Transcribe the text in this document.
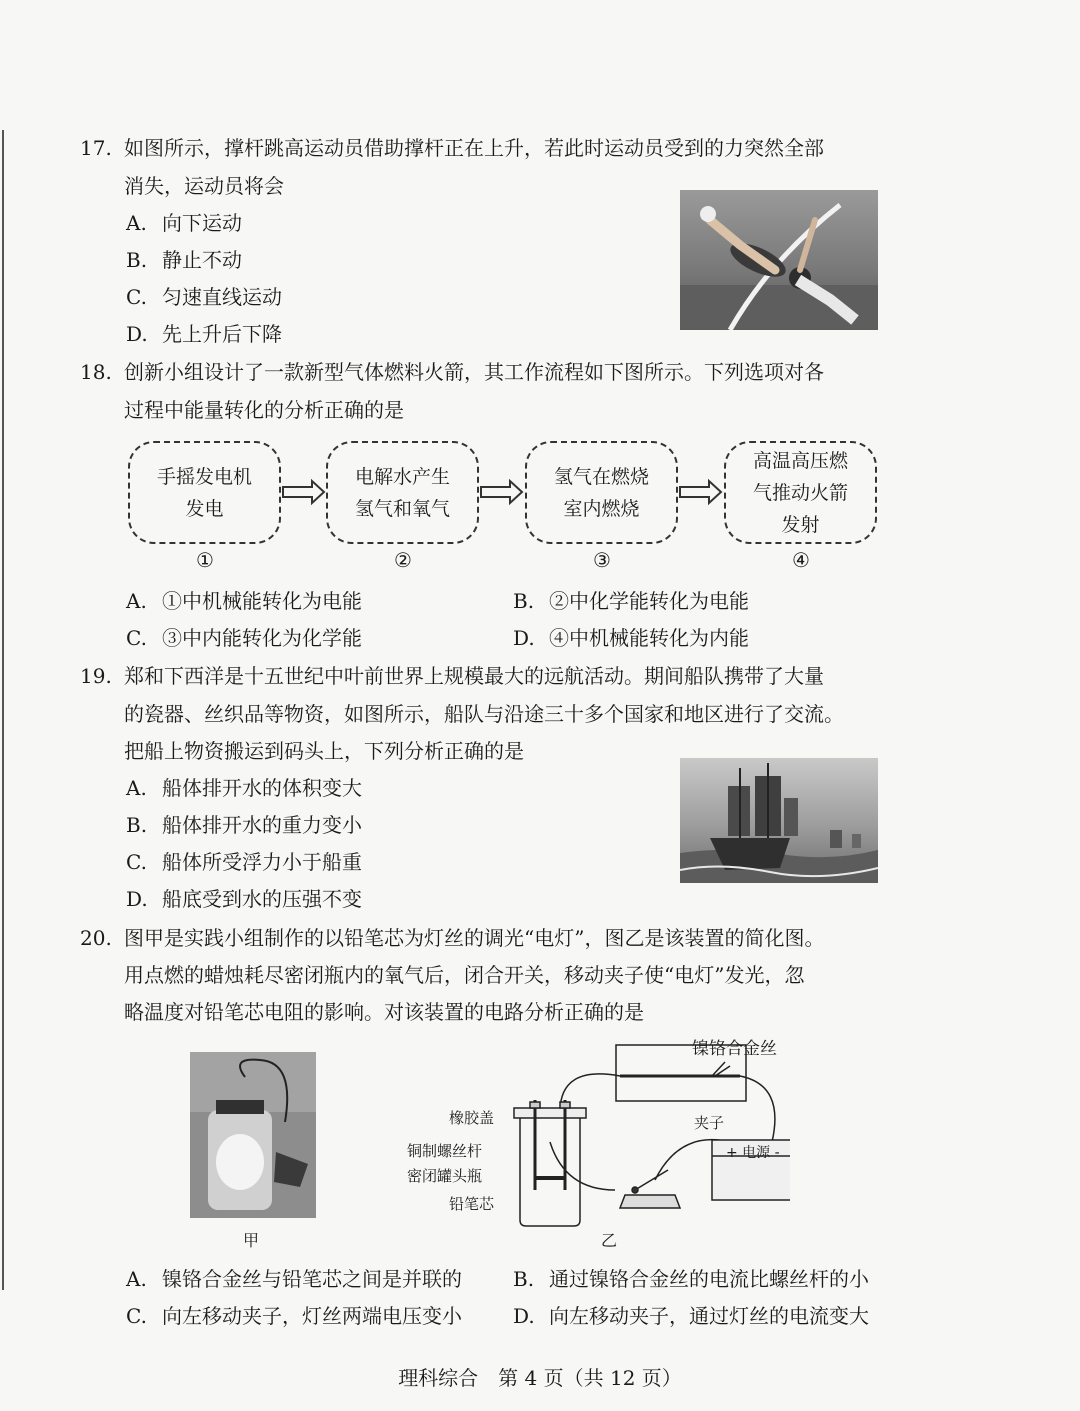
17. 如图所示，撑杆跳高运动员借助撑杆正在上升，若此时运动员受到的力突然全部
消失，运动员将会
A. 向下运动
B. 静止不动
C. 匀速直线运动
D. 先上升后下降
18. 创新小组设计了一款新型气体燃料火箭，其工作流程如下图所示。下列选项对各
过程中能量转化的分析正确的是
手摇发电机
发电
电解水产生
氢气和氧气
氢气在燃烧
室内燃烧
高温高压燃
气推动火箭
发射
①	②	③	④
A. ①中机械能转化为电能	B. ②中化学能转化为电能
C. ③中内能转化为化学能	D. ④中机械能转化为内能
19. 郑和下西洋是十五世纪中叶前世界上规模最大的远航活动。期间船队携带了大量
的瓷器、丝织品等物资，如图所示，船队与沿途三十多个国家和地区进行了交流。
把船上物资搬运到码头上，下列分析正确的是
A. 船体排开水的体积变大
B. 船体排开水的重力变小
C. 船体所受浮力小于船重
D. 船底受到水的压强不变
20. 图甲是实践小组制作的以铅笔芯为灯丝的调光“电灯”，图乙是该装置的简化图。
用点燃的蜡烛耗尽密闭瓶内的氧气后，闭合开关，移动夹子使“电灯”发光，忽
略温度对铅笔芯电阻的影响。对该装置的电路分析正确的是
甲
镍铬合金丝
夹子
橡胶盖
铜制螺丝杆
密闭罐头瓶
铅笔芯
+ 电源 -
乙
A. 镍铬合金丝与铅笔芯之间是并联的	B. 通过镍铬合金丝的电流比螺丝杆的小
C. 向左移动夹子，灯丝两端电压变小	D. 向左移动夹子，通过灯丝的电流变大
理科综合　第 4 页（共 12 页）
